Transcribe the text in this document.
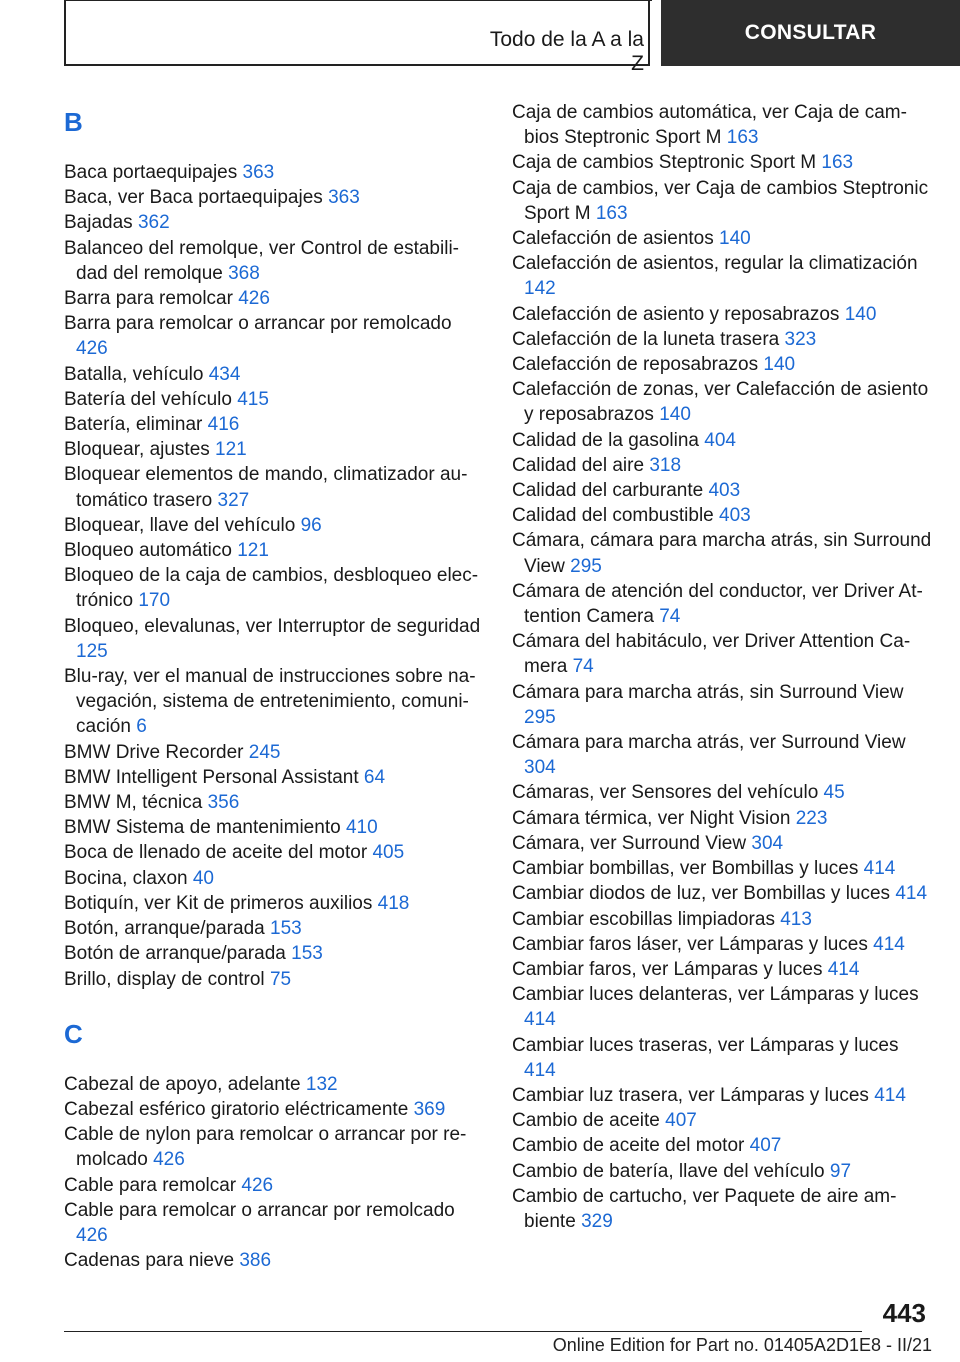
Todo de la A a la Z
CONSULTAR
B
Baca portaequipajes 363
Baca, ver Baca portaequipajes 363
Bajadas 362
Balanceo del remolque, ver Control de estabilidad del remolque 368
Barra para remolcar 426
Barra para remolcar o arrancar por remolcado 426
Batalla, vehículo 434
Batería del vehículo 415
Batería, eliminar 416
Bloquear, ajustes 121
Bloquear elementos de mando, climatizador automático trasero 327
Bloquear, llave del vehículo 96
Bloqueo automático 121
Bloqueo de la caja de cambios, desbloqueo electrónico 170
Bloqueo, elevalunas, ver Interruptor de seguridad 125
Blu-ray, ver el manual de instrucciones sobre navegación, sistema de entretenimiento, comunicación 6
BMW Drive Recorder 245
BMW Intelligent Personal Assistant 64
BMW M, técnica 356
BMW Sistema de mantenimiento 410
Boca de llenado de aceite del motor 405
Bocina, claxon 40
Botiquín, ver Kit de primeros auxilios 418
Botón, arranque/parada 153
Botón de arranque/parada 153
Brillo, display de control 75
C
Cabezal de apoyo, adelante 132
Cabezal esférico giratorio eléctricamente 369
Cable de nylon para remolcar o arrancar por remolcado 426
Cable para remolcar 426
Cable para remolcar o arrancar por remolcado 426
Cadenas para nieve 386
Caja de cambios automática, ver Caja de cambios Steptronic Sport M 163
Caja de cambios Steptronic Sport M 163
Caja de cambios, ver Caja de cambios Steptronic Sport M 163
Calefacción de asientos 140
Calefacción de asientos, regular la climatización 142
Calefacción de asiento y reposabrazos 140
Calefacción de la luneta trasera 323
Calefacción de reposabrazos 140
Calefacción de zonas, ver Calefacción de asiento y reposabrazos 140
Calidad de la gasolina 404
Calidad del aire 318
Calidad del carburante 403
Calidad del combustible 403
Cámara, cámara para marcha atrás, sin Surround View 295
Cámara de atención del conductor, ver Driver Attention Camera 74
Cámara del habitáculo, ver Driver Attention Camera 74
Cámara para marcha atrás, sin Surround View 295
Cámara para marcha atrás, ver Surround View 304
Cámaras, ver Sensores del vehículo 45
Cámara térmica, ver Night Vision 223
Cámara, ver Surround View 304
Cambiar bombillas, ver Bombillas y luces 414
Cambiar diodos de luz, ver Bombillas y luces 414
Cambiar escobillas limpiadoras 413
Cambiar faros láser, ver Lámparas y luces 414
Cambiar faros, ver Lámparas y luces 414
Cambiar luces delanteras, ver Lámparas y luces 414
Cambiar luces traseras, ver Lámparas y luces 414
Cambiar luz trasera, ver Lámparas y luces 414
Cambio de aceite 407
Cambio de aceite del motor 407
Cambio de batería, llave del vehículo 97
Cambio de cartucho, ver Paquete de aire ambiente 329
443
Online Edition for Part no. 01405A2D1E8 - II/21
